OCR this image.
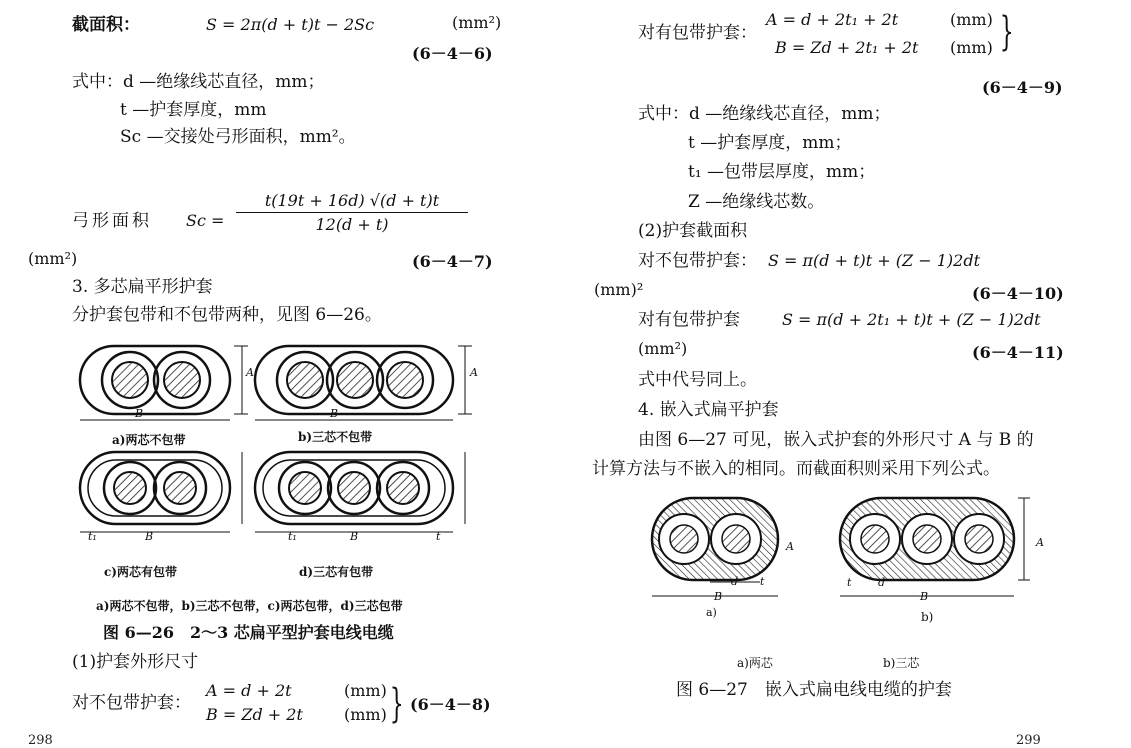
截面积：	S = 2π(d + t)t − 2Sc	(mm²)
(6－4－6)
式中：d —绝缘线芯直径，mm；
t —护套厚度，mm
Sc —交接处弓形面积，mm²。
弓形面积 Sc =
t(19t + 16d) √(d + t)t
12(d + t)
(mm²)	(6－4－7)
3. 多芯扁平形护套
分护套包带和不包带两种，见图 6—26。
B
A
B
A
t₁	B	t₁	B	t
a)两芯不包带	b)三芯不包带
c)两芯有包带	d)三芯有包带
a)两芯不包带，b)三芯不包带，c)两芯包带，d)三芯包带
图 6—26　2～3 芯扁平型护套电线电缆
(1)护套外形尺寸
对不包带护套：
A = d + 2t
B = Zd + 2t
(mm)
(mm) } (6－4－8)
298
对有包带护套：
A = d + 2t₁ + 2t
B = Zd + 2t₁ + 2t
(mm)
(mm) }
(6－4－9)
式中：d —绝缘线芯直径，mm；
t —护套厚度，mm；
t₁ —包带层厚度，mm；
Z —绝缘线芯数。
(2)护套截面积
对不包带护套： S = π(d + t)t + (Z − 1)2dt
(mm)²	(6－4－10)
对有包带护套	S = π(d + 2t₁ + t)t + (Z − 1)2dt
(mm²)	(6－4－11)
式中代号同上。
4. 嵌入式扁平护套
由图 6—27 可见，嵌入式护套的外形尺寸 A 与 B 的
计算方法与不嵌入的相同。而截面积则采用下列公式。
d t
B
A
t d
B
A
a)	b)
a)两芯	b)三芯
图 6—27　嵌入式扁电线电缆的护套
299
